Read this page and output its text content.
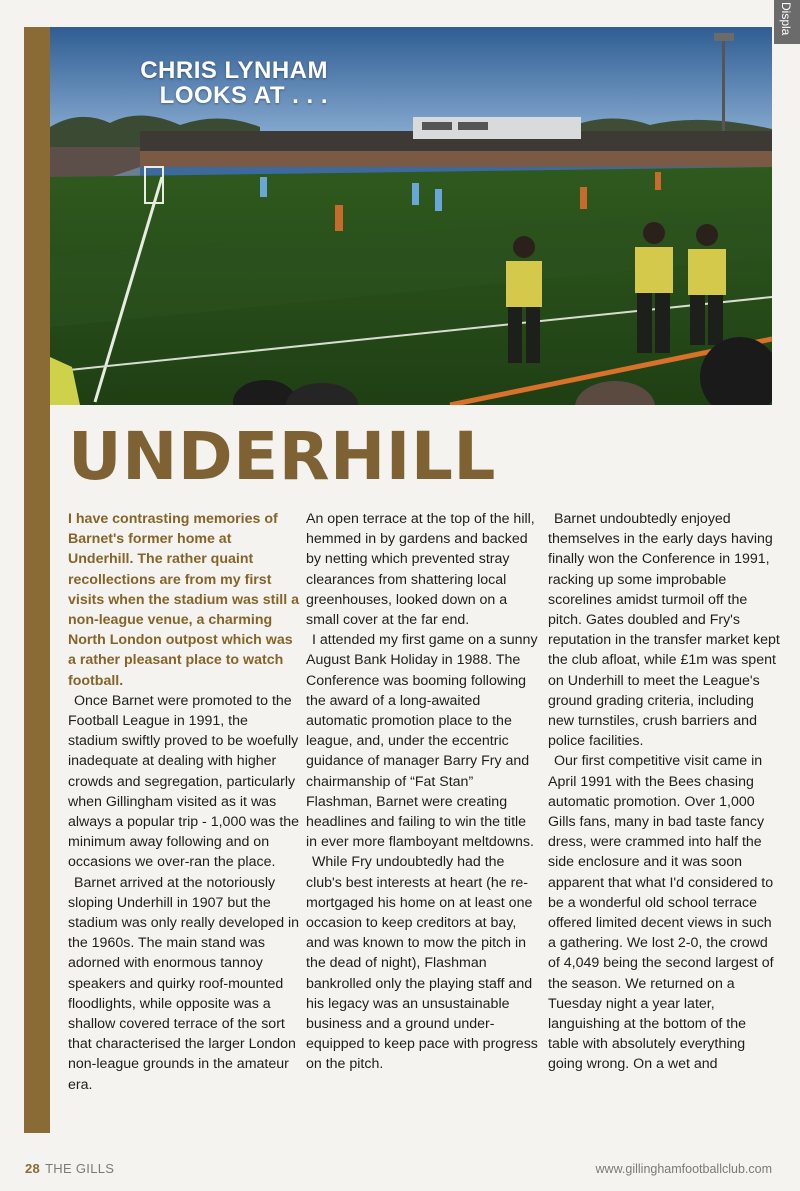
Displa
CHRIS LYNHAM
LOOKS AT . . .
UNDERHILL

I have contrasting memories of Barnet's former home at Underhill. The rather quaint recollections are from my first visits when the stadium was still a non-league venue, a charming North London outpost which was a rather pleasant place to watch football.

Once Barnet were promoted to the Football League in 1991, the stadium swiftly proved to be woefully inadequate at dealing with higher crowds and segregation, particularly when Gillingham visited as it was always a popular trip - 1,000 was the minimum away following and on occasions we over-ran the place.

Barnet arrived at the notoriously sloping Underhill in 1907 but the stadium was only really developed in the 1960s. The main stand was adorned with enormous tannoy speakers and quirky roof-mounted floodlights, while opposite was a shallow covered terrace of the sort that characterised the larger London non-league grounds in the amateur era.

An open terrace at the top of the hill, hemmed in by gardens and backed by netting which prevented stray clearances from shattering local greenhouses, looked down on a small cover at the far end.

I attended my first game on a sunny August Bank Holiday in 1988. The Conference was booming following the award of a long-awaited automatic promotion place to the league, and, under the eccentric guidance of manager Barry Fry and chairmanship of “Fat Stan” Flashman, Barnet were creating headlines and failing to win the title in ever more flamboyant meltdowns.

While Fry undoubtedly had the club's best interests at heart (he re-mortgaged his home on at least one occasion to keep creditors at bay, and was known to mow the pitch in the dead of night), Flashman bankrolled only the playing staff and his legacy was an unsustainable business and a ground under-equipped to keep pace with progress on the pitch.

Barnet undoubtedly enjoyed themselves in the early days having finally won the Conference in 1991, racking up some improbable scorelines amidst turmoil off the pitch. Gates doubled and Fry's reputation in the transfer market kept the club afloat, while £1m was spent on Underhill to meet the League's ground grading criteria, including new turnstiles, crush barriers and police facilities.

Our first competitive visit came in April 1991 with the Bees chasing automatic promotion. Over 1,000 Gills fans, many in bad taste fancy dress, were crammed into half the side enclosure and it was soon apparent that what I'd considered to be a wonderful old school terrace offered limited decent views in such a gathering. We lost 2-0, the crowd of 4,049 being the second largest of the season. We returned on a Tuesday night a year later, languishing at the bottom of the table with absolutely everything going wrong. On a wet and

28 THE GILLS	www.gillinghamfootballclub.com
